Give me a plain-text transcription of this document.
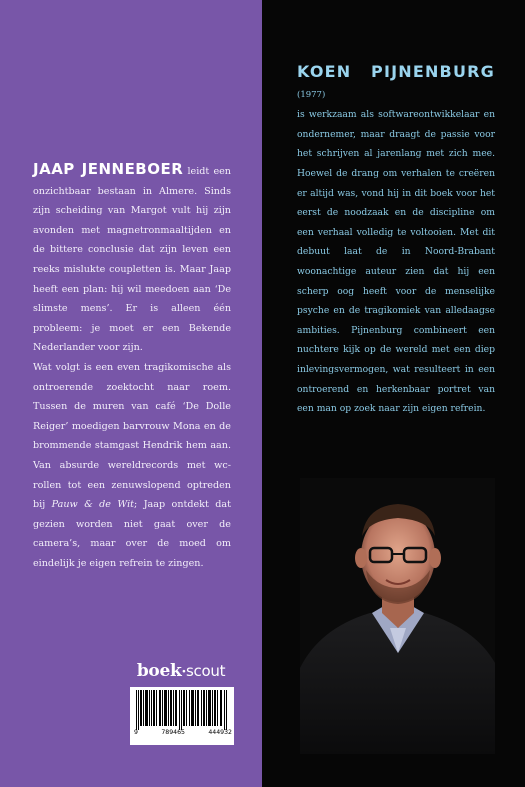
JAAP JENNEBOER leidt een onzichtbaar bestaan in Almere. Sinds zijn scheiding van Margot vult hij zijn avonden met magnetronmaaltijden en de bittere conclusie dat zijn leven een reeks mislukte coupletten is. Maar Jaap heeft een plan: hij wil meedoen aan ‘De slimste mens’. Er is alleen één probleem: je moet er een Bekende Nederlander voor zijn.

Wat volgt is een even tragikomische als ontroerende zoektocht naar roem. Tussen de muren van café ‘De Dolle Reiger’ moedigen barvrouw Mona en de brommende stamgast Hendrik hem aan. Van absurde wereldrecords met wc-rollen tot een zenuwslopend optreden bij Pauw & de Wit; Jaap ontdekt dat gezien worden niet gaat over de camera’s, maar over de moed om eindelijk je eigen refrein te zingen.

boek·scout
9	789465	444932
KOEN PIJNENBURG (1977)
is werkzaam als softwareontwikkelaar en ondernemer, maar draagt de passie voor het schrijven al jarenlang met zich mee. Hoewel de drang om verhalen te creëren er altijd was, vond hij in dit boek voor het eerst de noodzaak en de discipline om een verhaal volledig te voltooien. Met dit debuut laat de in Noord-Brabant woonachtige auteur zien dat hij een scherp oog heeft voor de menselijke psyche en de tragikomiek van alledaagse ambities. Pijnenburg combineert een nuchtere kijk op de wereld met een diep inlevingsvermogen, wat resulteert in een ontroerend en herkenbaar portret van een man op zoek naar zijn eigen refrein.
